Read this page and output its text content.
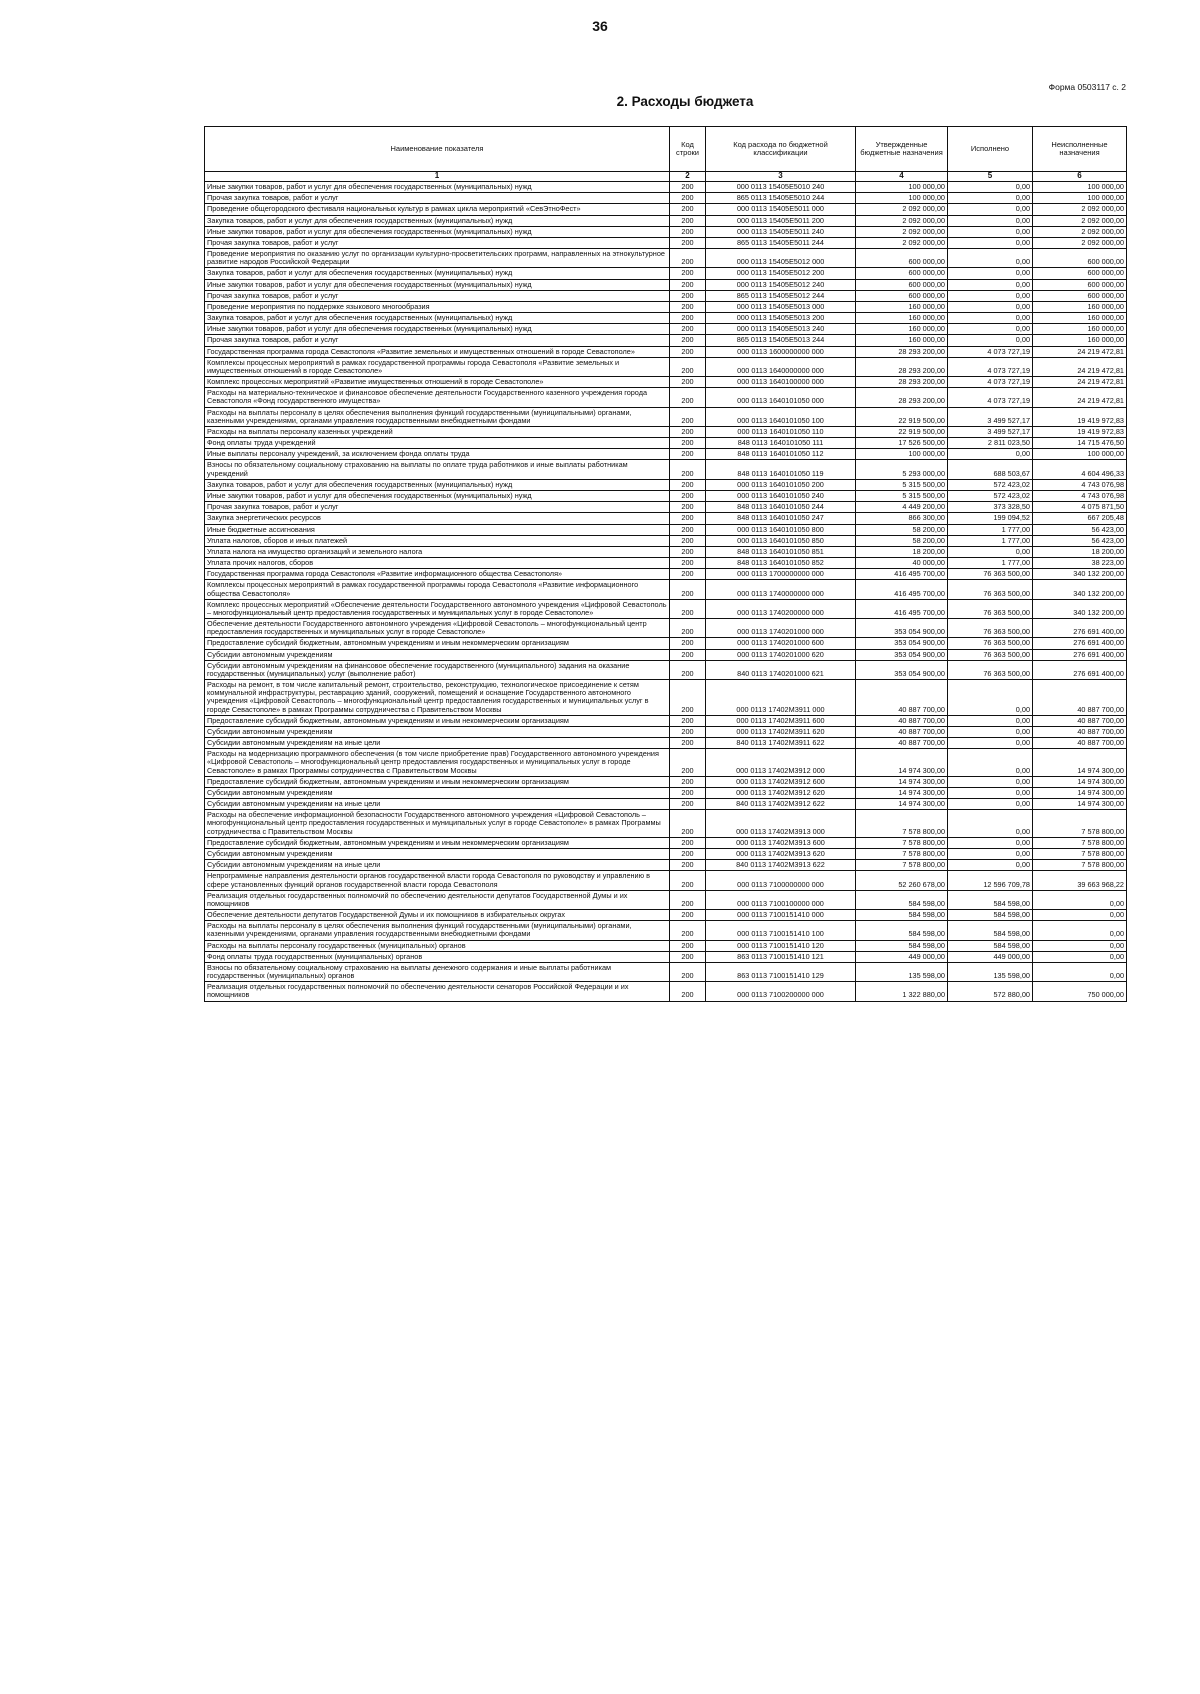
36
Форма 0503117 с. 2
2. Расходы бюджета
Наименование показателя	Код строки	Код расхода по бюджетной классификации	Утвержденные бюджетные назначения	Исполнено	Неисполненные назначения
1	2	3	4	5	6
Иные закупки товаров, работ и услуг для обеспечения государственных (муниципальных) нужд	200	000 0113 15405Е5010 240	100 000,00	0,00	100 000,00
Прочая закупка товаров, работ и услуг	200	865 0113 15405Е5010 244	100 000,00	0,00	100 000,00
Проведение общегородского фестиваля национальных культур в рамках цикла мероприятий «СевЭтноФест»	200	000 0113 15405Е5011 000	2 092 000,00	0,00	2 092 000,00
Закупка товаров, работ и услуг для обеспечения государственных (муниципальных) нужд	200	000 0113 15405Е5011 200	2 092 000,00	0,00	2 092 000,00
Иные закупки товаров, работ и услуг для обеспечения государственных (муниципальных) нужд	200	000 0113 15405Е5011 240	2 092 000,00	0,00	2 092 000,00
Прочая закупка товаров, работ и услуг	200	865 0113 15405Е5011 244	2 092 000,00	0,00	2 092 000,00
Проведение мероприятия по оказанию услуг по организации культурно-просветительских программ, направленных на этнокультурное развитие народов Российской Федерации	200	000 0113 15405Е5012 000	600 000,00	0,00	600 000,00
Закупка товаров, работ и услуг для обеспечения государственных (муниципальных) нужд	200	000 0113 15405Е5012 200	600 000,00	0,00	600 000,00
Иные закупки товаров, работ и услуг для обеспечения государственных (муниципальных) нужд	200	000 0113 15405Е5012 240	600 000,00	0,00	600 000,00
Прочая закупка товаров, работ и услуг	200	865 0113 15405Е5012 244	600 000,00	0,00	600 000,00
Проведение мероприятия по поддержке языкового многообразия	200	000 0113 15405Е5013 000	160 000,00	0,00	160 000,00
Закупка товаров, работ и услуг для обеспечения государственных (муниципальных) нужд	200	000 0113 15405Е5013 200	160 000,00	0,00	160 000,00
Иные закупки товаров, работ и услуг для обеспечения государственных (муниципальных) нужд	200	000 0113 15405Е5013 240	160 000,00	0,00	160 000,00
Прочая закупка товаров, работ и услуг	200	865 0113 15405Е5013 244	160 000,00	0,00	160 000,00
Государственная программа города Севастополя «Развитие земельных и имущественных отношений в городе Севастополе»	200	000 0113 1600000000 000	28 293 200,00	4 073 727,19	24 219 472,81
Комплексы процессных мероприятий в рамках государственной программы города Севастополя «Развитие земельных и имущественных отношений в городе Севастополе»	200	000 0113 1640000000 000	28 293 200,00	4 073 727,19	24 219 472,81
Комплекс процессных мероприятий «Развитие имущественных отношений в городе Севастополе»	200	000 0113 1640100000 000	28 293 200,00	4 073 727,19	24 219 472,81
Расходы на материально-техническое и финансовое обеспечение деятельности Государственного казенного учреждения города Севастополя «Фонд государственного имущества»	200	000 0113 1640101050 000	28 293 200,00	4 073 727,19	24 219 472,81
Расходы на выплаты персоналу в целях обеспечения выполнения функций государственными (муниципальными) органами, казенными учреждениями, органами управления государственными внебюджетными фондами	200	000 0113 1640101050 100	22 919 500,00	3 499 527,17	19 419 972,83
Расходы на выплаты персоналу казенных учреждений	200	000 0113 1640101050 110	22 919 500,00	3 499 527,17	19 419 972,83
Фонд оплаты труда учреждений	200	848 0113 1640101050 111	17 526 500,00	2 811 023,50	14 715 476,50
Иные выплаты персоналу учреждений, за исключением фонда оплаты труда	200	848 0113 1640101050 112	100 000,00	0,00	100 000,00
Взносы по обязательному социальному страхованию на выплаты по оплате труда работников и иные выплаты работникам учреждений	200	848 0113 1640101050 119	5 293 000,00	688 503,67	4 604 496,33
Закупка товаров, работ и услуг для обеспечения государственных (муниципальных) нужд	200	000 0113 1640101050 200	5 315 500,00	572 423,02	4 743 076,98
Иные закупки товаров, работ и услуг для обеспечения государственных (муниципальных) нужд	200	000 0113 1640101050 240	5 315 500,00	572 423,02	4 743 076,98
Прочая закупка товаров, работ и услуг	200	848 0113 1640101050 244	4 449 200,00	373 328,50	4 075 871,50
Закупка энергетических ресурсов	200	848 0113 1640101050 247	866 300,00	199 094,52	667 205,48
Иные бюджетные ассигнования	200	000 0113 1640101050 800	58 200,00	1 777,00	56 423,00
Уплата налогов, сборов и иных платежей	200	000 0113 1640101050 850	58 200,00	1 777,00	56 423,00
Уплата налога на имущество организаций и земельного налога	200	848 0113 1640101050 851	18 200,00	0,00	18 200,00
Уплата прочих налогов, сборов	200	848 0113 1640101050 852	40 000,00	1 777,00	38 223,00
Государственная программа города Севастополя «Развитие информационного общества Севастополя»	200	000 0113 1700000000 000	416 495 700,00	76 363 500,00	340 132 200,00
Комплексы процессных мероприятий в рамках государственной программы города Севастополя «Развитие информационного общества Севастополя»	200	000 0113 1740000000 000	416 495 700,00	76 363 500,00	340 132 200,00
Комплекс процессных мероприятий «Обеспечение деятельности Государственного автономного учреждения «Цифровой Севастополь – многофункциональный центр предоставления государственных и муниципальных услуг в городе Севастополе»	200	000 0113 1740200000 000	416 495 700,00	76 363 500,00	340 132 200,00
Обеспечение деятельности Государственного автономного учреждения «Цифровой Севастополь – многофункциональный центр предоставления государственных и муниципальных услуг в городе Севастополе»	200	000 0113 1740201000 000	353 054 900,00	76 363 500,00	276 691 400,00
Предоставление субсидий бюджетным, автономным учреждениям и иным некоммерческим организациям	200	000 0113 1740201000 600	353 054 900,00	76 363 500,00	276 691 400,00
Субсидии автономным учреждениям	200	000 0113 1740201000 620	353 054 900,00	76 363 500,00	276 691 400,00
Субсидии автономным учреждениям на финансовое обеспечение государственного (муниципального) задания на оказание государственных (муниципальных) услуг (выполнение работ)	200	840 0113 1740201000 621	353 054 900,00	76 363 500,00	276 691 400,00
Расходы на ремонт, в том числе капитальный ремонт, строительство, реконструкцию, технологическое присоединение к сетям коммунальной инфраструктуры, реставрацию зданий, сооружений, помещений и оснащение Государственного автономного учреждения «Цифровой Севастополь – многофункциональный центр предоставления государственных и муниципальных услуг в городе Севастополе» в рамках Программы сотрудничества с Правительством Москвы	200	000 0113 17402М3911 000	40 887 700,00	0,00	40 887 700,00
Предоставление субсидий бюджетным, автономным учреждениям и иным некоммерческим организациям	200	000 0113 17402М3911 600	40 887 700,00	0,00	40 887 700,00
Субсидии автономным учреждениям	200	000 0113 17402М3911 620	40 887 700,00	0,00	40 887 700,00
Субсидии автономным учреждениям на иные цели	200	840 0113 17402М3911 622	40 887 700,00	0,00	40 887 700,00
Расходы на модернизацию программного обеспечения (в том числе приобретение прав) Государственного автономного учреждения «Цифровой Севастополь – многофункциональный центр предоставления государственных и муниципальных услуг в городе Севастополе» в рамках Программы сотрудничества с Правительством Москвы	200	000 0113 17402М3912 000	14 974 300,00	0,00	14 974 300,00
Предоставление субсидий бюджетным, автономным учреждениям и иным некоммерческим организациям	200	000 0113 17402М3912 600	14 974 300,00	0,00	14 974 300,00
Субсидии автономным учреждениям	200	000 0113 17402М3912 620	14 974 300,00	0,00	14 974 300,00
Субсидии автономным учреждениям на иные цели	200	840 0113 17402М3912 622	14 974 300,00	0,00	14 974 300,00
Расходы на обеспечение информационной безопасности Государственного автономного учреждения «Цифровой Севастополь – многофункциональный центр предоставления государственных и муниципальных услуг в городе Севастополе» в рамках Программы сотрудничества с Правительством Москвы	200	000 0113 17402М3913 000	7 578 800,00	0,00	7 578 800,00
Предоставление субсидий бюджетным, автономным учреждениям и иным некоммерческим организациям	200	000 0113 17402М3913 600	7 578 800,00	0,00	7 578 800,00
Субсидии автономным учреждениям	200	000 0113 17402М3913 620	7 578 800,00	0,00	7 578 800,00
Субсидии автономным учреждениям на иные цели	200	840 0113 17402М3913 622	7 578 800,00	0,00	7 578 800,00
Непрограммные направления деятельности органов государственной власти города Севастополя по руководству и управлению в сфере установленных функций органов государственной власти города Севастополя	200	000 0113 7100000000 000	52 260 678,00	12 596 709,78	39 663 968,22
Реализация отдельных государственных полномочий по обеспечению деятельности депутатов Государственной Думы и их помощников	200	000 0113 7100100000 000	584 598,00	584 598,00	0,00
Обеспечение деятельности депутатов Государственной Думы и их помощников в избирательных округах	200	000 0113 7100151410 000	584 598,00	584 598,00	0,00
Расходы на выплаты персоналу в целях обеспечения выполнения функций государственными (муниципальными) органами, казенными учреждениями, органами управления государственными внебюджетными фондами	200	000 0113 7100151410 100	584 598,00	584 598,00	0,00
Расходы на выплаты персоналу государственных (муниципальных) органов	200	000 0113 7100151410 120	584 598,00	584 598,00	0,00
Фонд оплаты труда государственных (муниципальных) органов	200	863 0113 7100151410 121	449 000,00	449 000,00	0,00
Взносы по обязательному социальному страхованию на выплаты денежного содержания и иные выплаты работникам государственных (муниципальных) органов	200	863 0113 7100151410 129	135 598,00	135 598,00	0,00
Реализация отдельных государственных полномочий по обеспечению деятельности сенаторов Российской Федерации и их помощников	200	000 0113 7100200000 000	1 322 880,00	572 880,00	750 000,00
